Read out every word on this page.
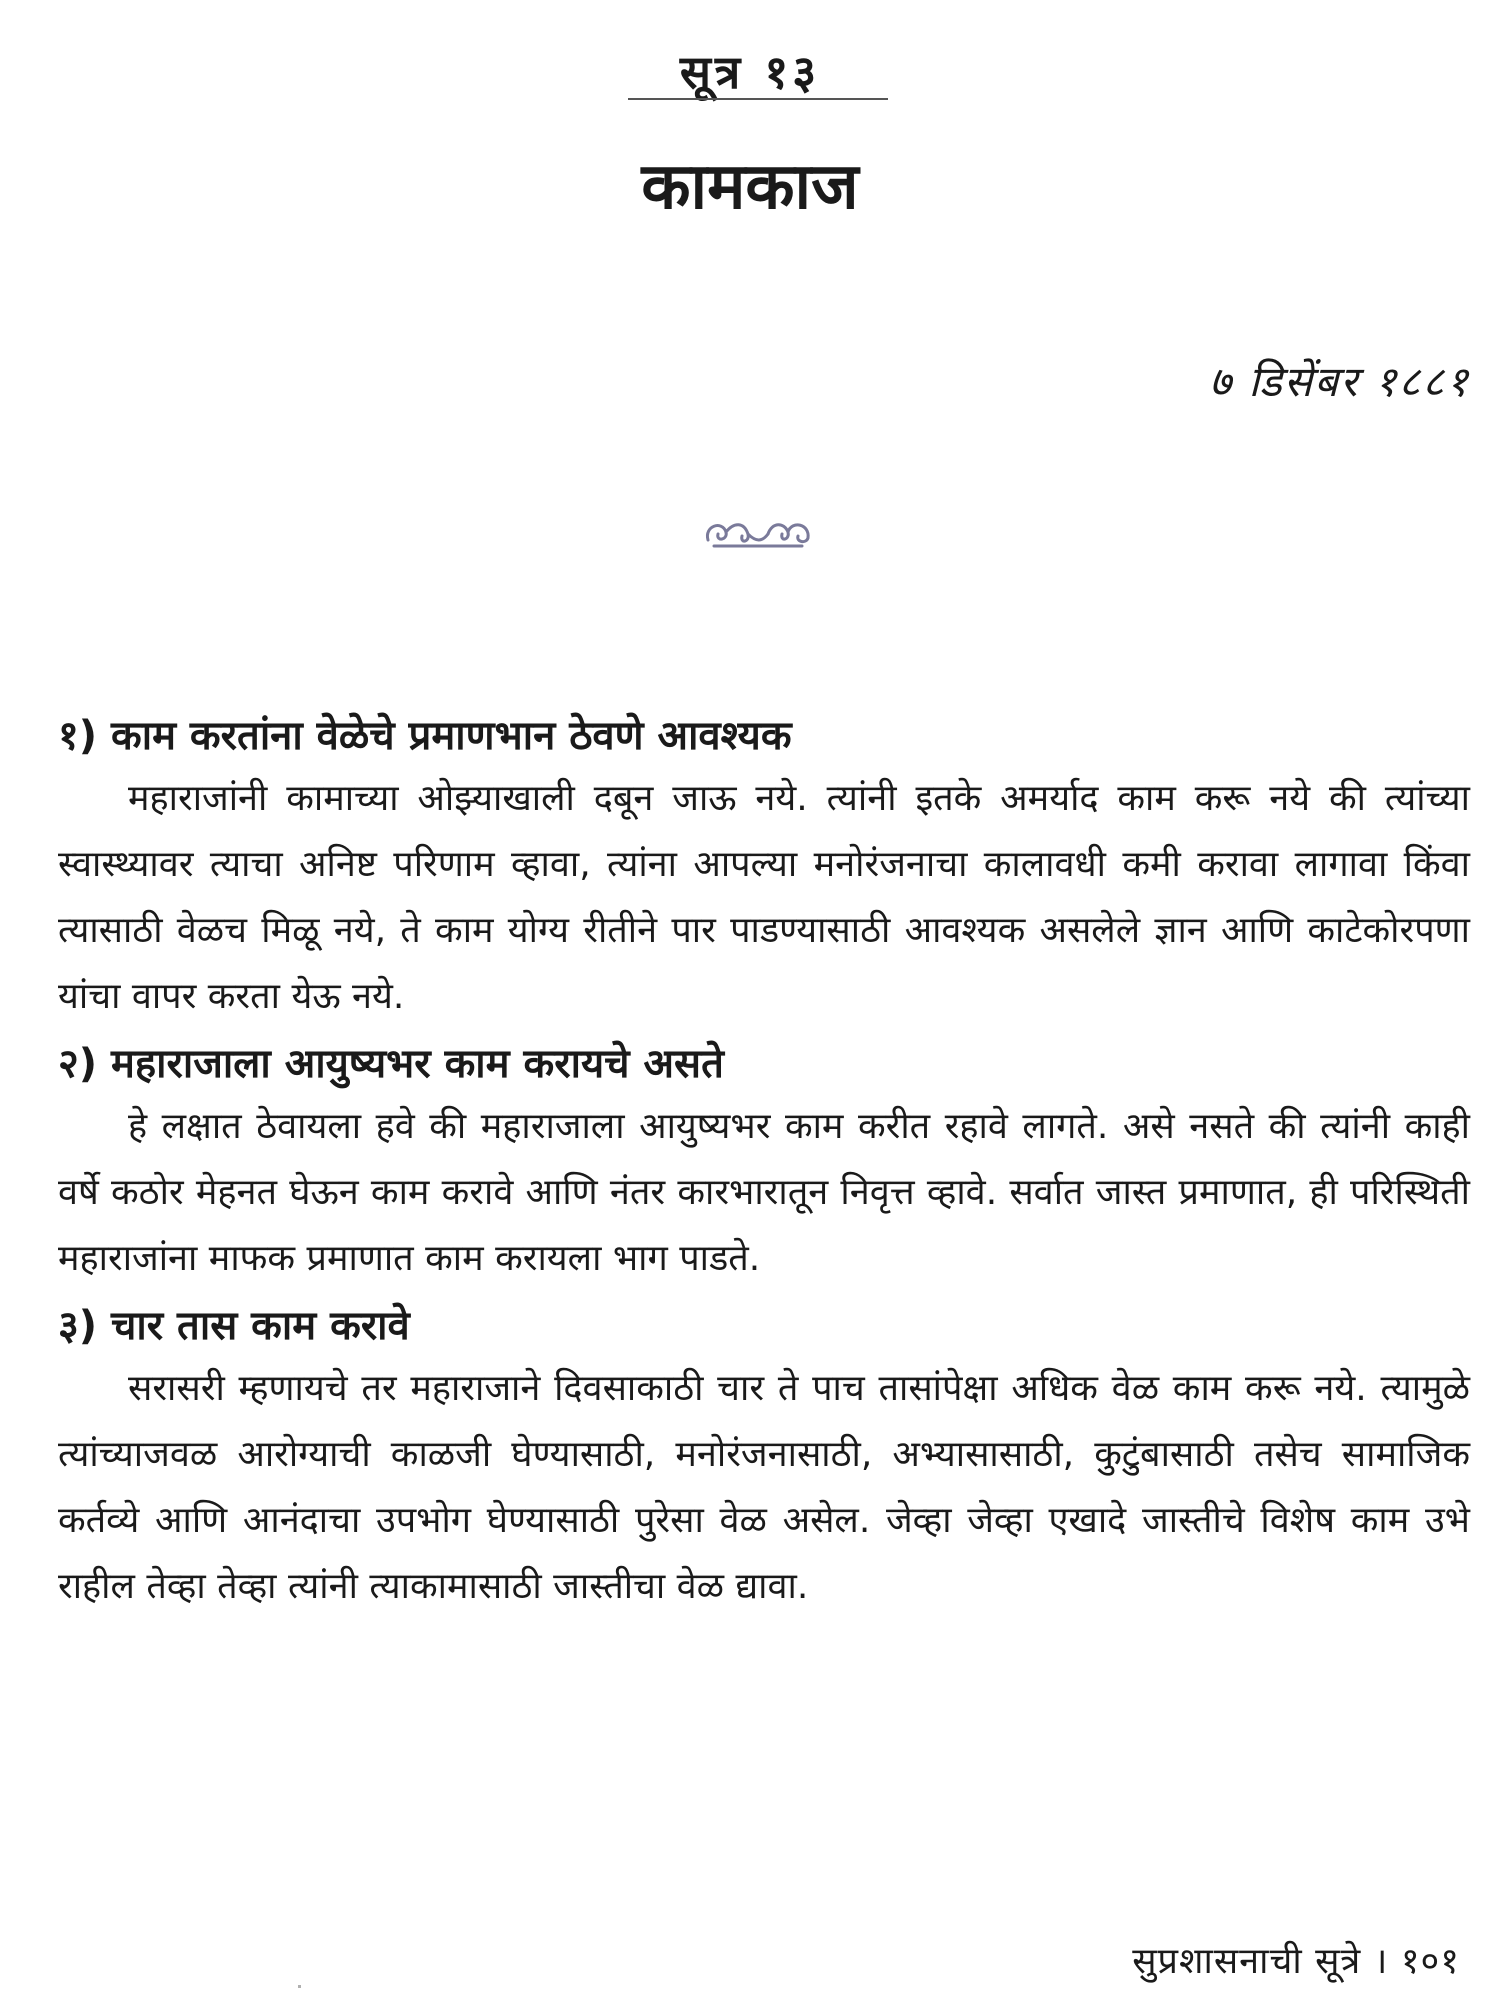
सूत्र १३
कामकाज
७ डिसेंबर १८८१
१) काम करतांना वेळेचे प्रमाणभान ठेवणे आवश्यक

महाराजांनी कामाच्या ओझ्याखाली दबून जाऊ नये. त्यांनी इतके अमर्याद काम करू नये की त्यांच्या स्वास्थ्यावर त्याचा अनिष्ट परिणाम व्हावा, त्यांना आपल्या मनोरंजनाचा कालावधी कमी करावा लागावा किंवा त्यासाठी वेळच मिळू नये, ते काम योग्य रीतीने पार पाडण्यासाठी आवश्यक असलेले ज्ञान आणि काटेकोरपणा यांचा वापर करता येऊ नये.

२) महाराजाला आयुष्यभर काम करायचे असते

हे लक्षात ठेवायला हवे की महाराजाला आयुष्यभर काम करीत रहावे लागते. असे नसते की त्यांनी काही वर्षे कठोर मेहनत घेऊन काम करावे आणि नंतर कारभारातून निवृत्त व्हावे. सर्वात जास्त प्रमाणात, ही परिस्थिती महाराजांना माफक प्रमाणात काम करायला भाग पाडते.

३) चार तास काम करावे

सरासरी म्हणायचे तर महाराजाने दिवसाकाठी चार ते पाच तासांपेक्षा अधिक वेळ काम करू नये. त्यामुळे त्यांच्याजवळ आरोग्याची काळजी घेण्यासाठी, मनोरंजनासाठी, अभ्यासासाठी, कुटुंबासाठी तसेच सामाजिक कर्तव्ये आणि आनंदाचा उपभोग घेण्यासाठी पुरेसा वेळ असेल. जेव्हा जेव्हा एखादे जास्तीचे विशेष काम उभे राहील तेव्हा तेव्हा त्यांनी त्याकामासाठी जास्तीचा वेळ द्यावा.

सुप्रशासनाची सूत्रे । १०१
